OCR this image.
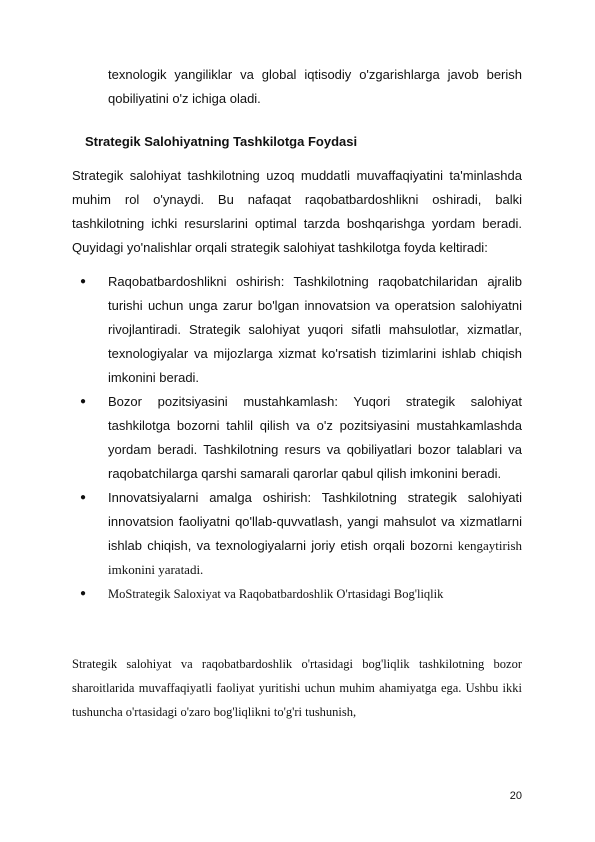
texnologik yangiliklar va global iqtisodiy o'zgarishlarga javob berish qobiliyatini o'z ichiga oladi.

Strategik Salohiyatning Tashkilotga Foydasi

Strategik salohiyat tashkilotning uzoq muddatli muvaffaqiyatini ta'minlashda muhim rol o'ynaydi. Bu nafaqat raqobatbardoshlikni oshiradi, balki tashkilotning ichki resurslarini optimal tarzda boshqarishga yordam beradi. Quyidagi yo'nalishlar orqali strategik salohiyat tashkilotga foyda keltiradi:

● Raqobatbardoshlikni oshirish: Tashkilotning raqobatchilaridan ajralib turishi uchun unga zarur bo'lgan innovatsion va operatsion salohiyatni rivojlantiradi. Strategik salohiyat yuqori sifatli mahsulotlar, xizmatlar, texnologiyalar va mijozlarga xizmat ko'rsatish tizimlarini ishlab chiqish imkonini beradi.
● Bozor pozitsiyasini mustahkamlash: Yuqori strategik salohiyat tashkilotga bozorni tahlil qilish va o'z pozitsiyasini mustahkamlashda yordam beradi. Tashkilotning resurs va qobiliyatlari bozor talablari va raqobatchilarga qarshi samarali qarorlar qabul qilish imkonini beradi.
● Innovatsiyalarni amalga oshirish: Tashkilotning strategik salohiyati innovatsion faoliyatni qo'llab-quvvatlash, yangi mahsulot va xizmatlarni ishlab chiqish, va texnologiyalarni joriy etish orqali bozorni kengaytirish imkonini yaratadi.
● MoStrategik Saloxiyat va Raqobatbardoshlik O'rtasidagi Bog'liqlik

Strategik salohiyat va raqobatbardoshlik o'rtasidagi bog'liqlik tashkilotning bozor sharoitlarida muvaffaqiyatli faoliyat yuritishi uchun muhim ahamiyatga ega. Ushbu ikki tushuncha o'rtasidagi o'zaro bog'liqlikni to'g'ri tushunish,

20
